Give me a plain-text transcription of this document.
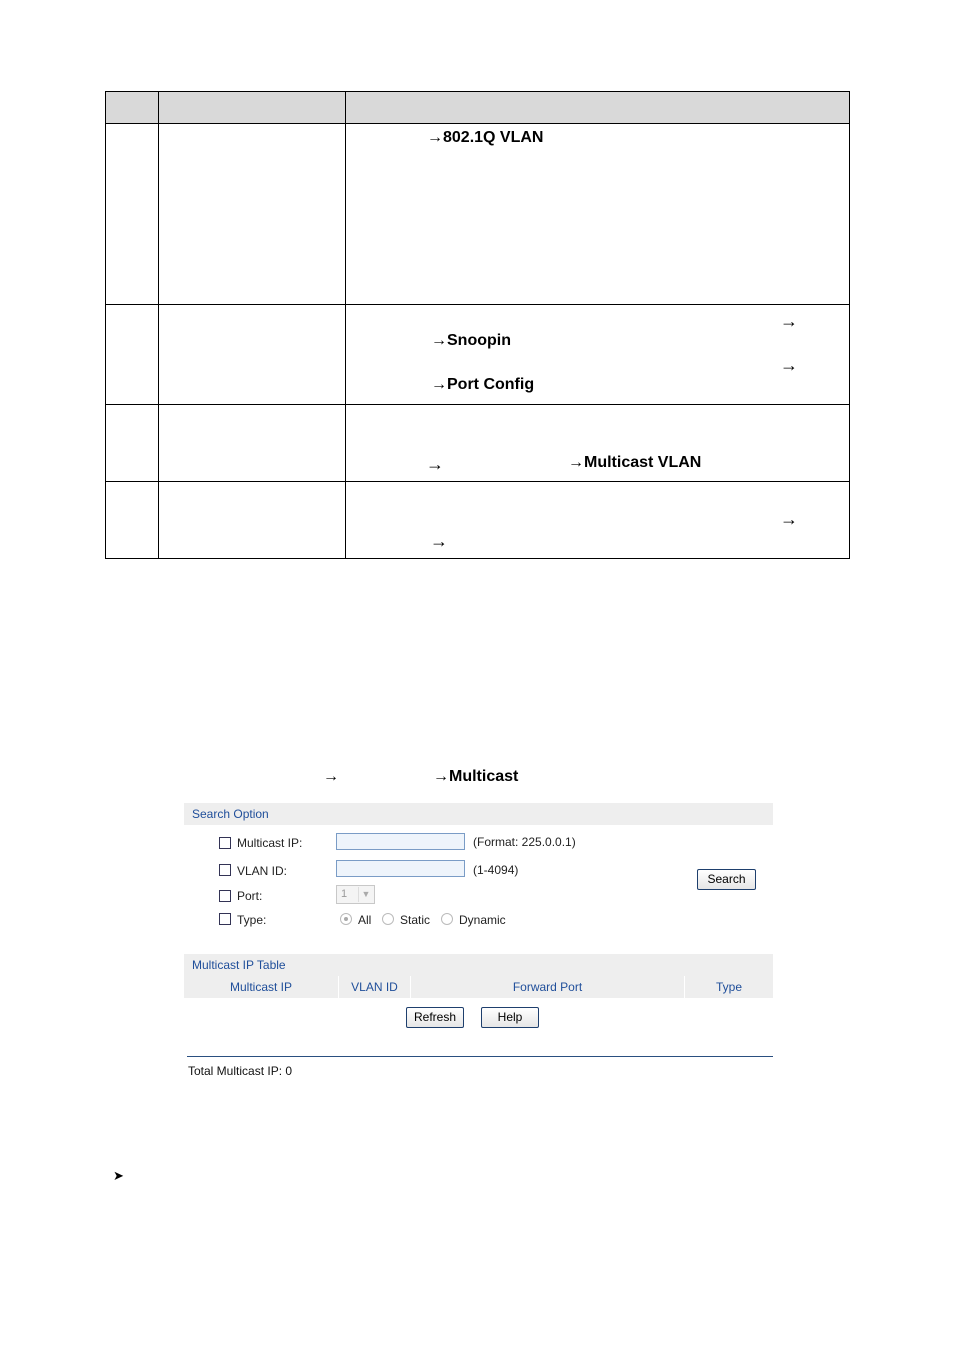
		→802.1Q VLAN

		→
→Snoopin
→
→Port Config

		→ →Multicast VLAN

		→
→
→	→Multicast
Search Option
Multicast IP:	(Format: 225.0.0.1)
VLAN ID:	(1-4094)
Port:	1	▼
Type:	All Static Dynamic
Search
Multicast IP Table
Multicast IP	VLAN ID	Forward Port	Type
Refresh	Help
Total Multicast IP: 0
➤
